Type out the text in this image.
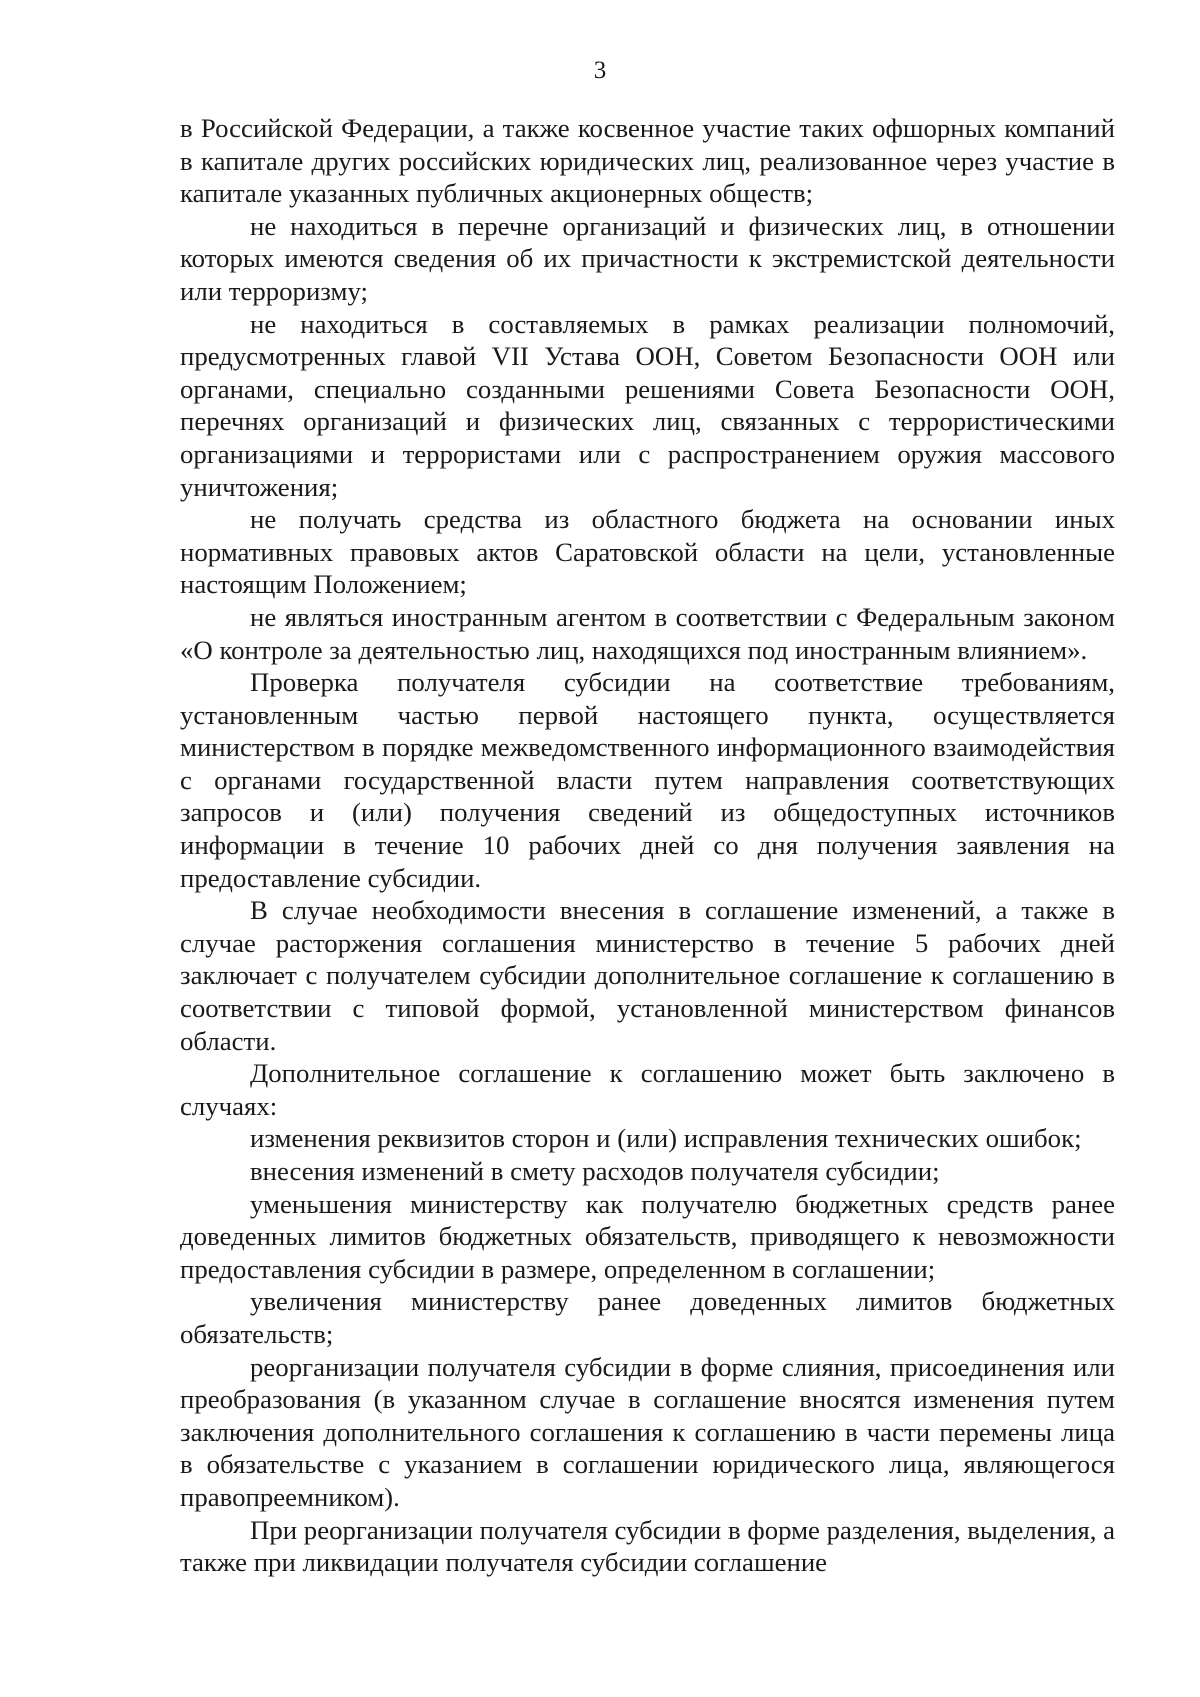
3

в Российской Федерации, а также косвенное участие таких офшорных компаний в капитале других российских юридических лиц, реализованное через участие в капитале указанных публичных акционерных обществ;

не находиться в перечне организаций и физических лиц, в отношении которых имеются сведения об их причастности к экстремистской деятельности или терроризму;

не находиться в составляемых в рамках реализации полномочий, предусмотренных главой VII Устава ООН, Советом Безопасности ООН или органами, специально созданными решениями Совета Безопасности ООН, перечнях организаций и физических лиц, связанных с террористическими организациями и террористами или с распространением оружия массового уничтожения;

не получать средства из областного бюджета на основании иных нормативных правовых актов Саратовской области на цели, установленные настоящим Положением;

не являться иностранным агентом в соответствии с Федеральным законом «О контроле за деятельностью лиц, находящихся под иностранным влиянием».

Проверка получателя субсидии на соответствие требованиям, установленным частью первой настоящего пункта, осуществляется министерством в порядке межведомственного информационного взаимодействия с органами государственной власти путем направления соответствующих запросов и (или) получения сведений из общедоступных источников информации в течение 10 рабочих дней со дня получения заявления на предоставление субсидии.

В случае необходимости внесения в соглашение изменений, а также в случае расторжения соглашения министерство в течение 5 рабочих дней заключает с получателем субсидии дополнительное соглашение к соглашению в соответствии с типовой формой, установленной министерством финансов области.

Дополнительное соглашение к соглашению может быть заключено в случаях:

изменения реквизитов сторон и (или) исправления технических ошибок;

внесения изменений в смету расходов получателя субсидии;

уменьшения министерству как получателю бюджетных средств ранее доведенных лимитов бюджетных обязательств, приводящего к невозможности предоставления субсидии в размере, определенном в соглашении;

увеличения министерству ранее доведенных лимитов бюджетных обязательств;

реорганизации получателя субсидии в форме слияния, присоединения или преобразования (в указанном случае в соглашение вносятся изменения путем заключения дополнительного соглашения к соглашению в части перемены лица в обязательстве с указанием в соглашении юридического лица, являющегося правопреемником).

При реорганизации получателя субсидии в форме разделения, выделения, а также при ликвидации получателя субсидии соглашение
